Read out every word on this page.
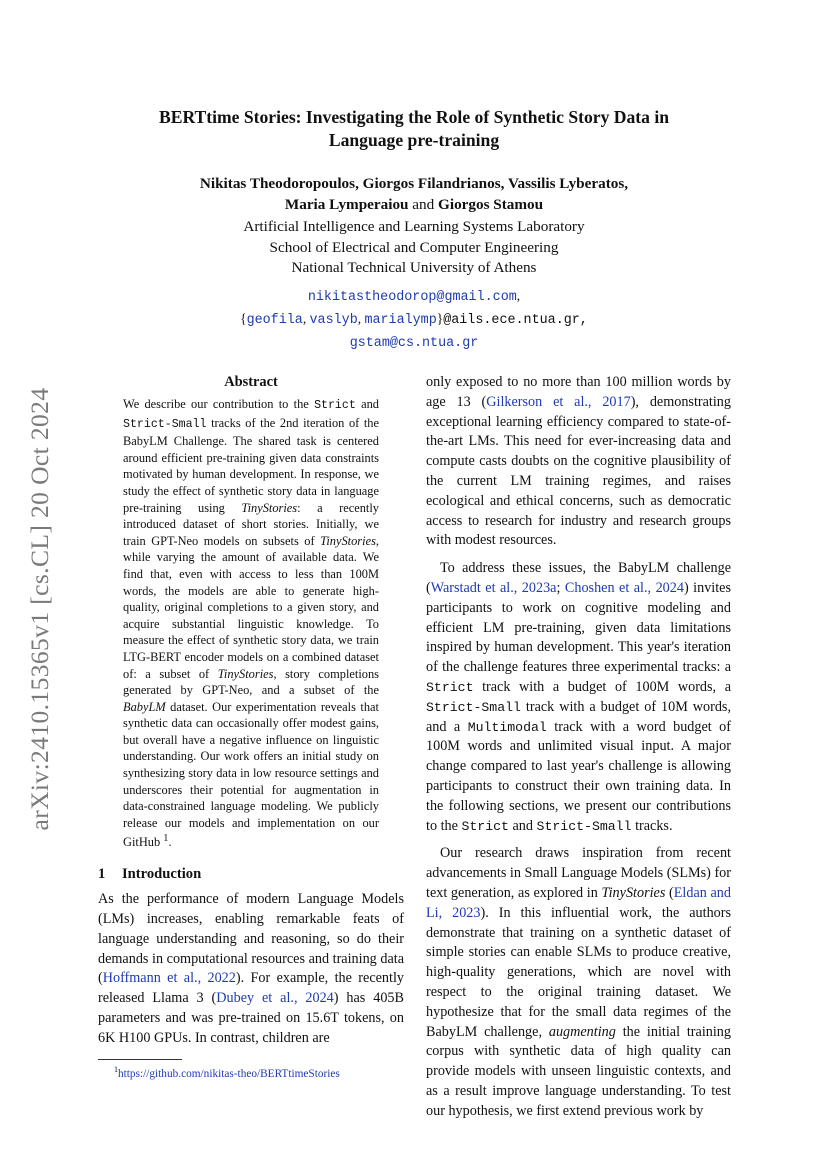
arXiv:2410.15365v1 [cs.CL] 20 Oct 2024
BERTtime Stories: Investigating the Role of Synthetic Story Data in
Language pre-training
Nikitas Theodoropoulos, Giorgos Filandrianos, Vassilis Lyberatos,
Maria Lymperaiou and Giorgos Stamou
Artificial Intelligence and Learning Systems Laboratory
School of Electrical and Computer Engineering
National Technical University of Athens
nikitastheodorop@gmail.com,
{geofila, vaslyb, marialymp}@ails.ece.ntua.gr,
gstam@cs.ntua.gr
Abstract

We describe our contribution to the Strict and Strict-Small tracks of the 2nd iteration of the BabyLM Challenge. The shared task is centered around efficient pre-training given data constraints motivated by human development. In response, we study the effect of synthetic story data in language pre-training using TinyStories: a recently introduced dataset of short stories. Initially, we train GPT-Neo models on subsets of TinyStories, while varying the amount of available data. We find that, even with access to less than 100M words, the models are able to generate high-quality, original completions to a given story, and acquire substantial linguistic knowledge. To measure the effect of synthetic story data, we train LTG-BERT encoder models on a combined dataset of: a subset of TinyStories, story completions generated by GPT-Neo, and a subset of the BabyLM dataset. Our experimentation reveals that synthetic data can occasionally offer modest gains, but overall have a negative influence on linguistic understanding. Our work offers an initial study on synthesizing story data in low resource settings and underscores their potential for augmentation in data-constrained language modeling. We publicly release our models and implementation on our GitHub $^1$.

1 Introduction

As the performance of modern Language Models (LMs) increases, enabling remarkable feats of language understanding and reasoning, so do their demands in computational resources and training data (Hoffmann et al., 2022). For example, the recently released Llama 3 (Dubey et al., 2024) has 405B parameters and was pre-trained on 15.6T tokens, on 6K H100 GPUs. In contrast, children are

$^1$https://github.com/nikitas-theo/BERTtimeStories

only exposed to no more than 100 million words by age 13 (Gilkerson et al., 2017), demonstrating exceptional learning efficiency compared to state-of-the-art LMs. This need for ever-increasing data and compute casts doubts on the cognitive plausibility of the current LM training regimes, and raises ecological and ethical concerns, such as democratic access to research for industry and research groups with modest resources.

To address these issues, the BabyLM challenge (Warstadt et al., 2023a; Choshen et al., 2024) invites participants to work on cognitive modeling and efficient LM pre-training, given data limitations inspired by human development. This year's iteration of the challenge features three experimental tracks: a Strict track with a budget of 100M words, a Strict-Small track with a budget of 10M words, and a Multimodal track with a word budget of 100M words and unlimited visual input. A major change compared to last year's challenge is allowing participants to construct their own training data. In the following sections, we present our contributions to the Strict and Strict-Small tracks.

Our research draws inspiration from recent advancements in Small Language Models (SLMs) for text generation, as explored in TinyStories (Eldan and Li, 2023). In this influential work, the authors demonstrate that training on a synthetic dataset of simple stories can enable SLMs to produce creative, high-quality generations, which are novel with respect to the original training dataset. We hypothesize that for the small data regimes of the BabyLM challenge, augmenting the initial training corpus with synthetic data of high quality can provide models with unseen linguistic contexts, and as a result improve language understanding. To test our hypothesis, we first extend previous work by
